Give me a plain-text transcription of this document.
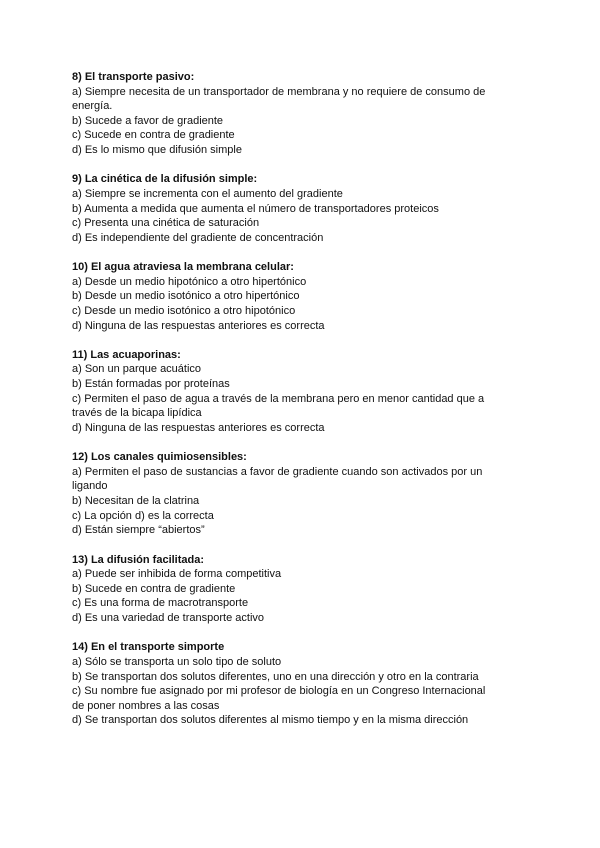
8) El transporte pasivo:
a) Siempre necesita de un transportador de membrana y no requiere de consumo de energía.
b) Sucede a favor de gradiente
c) Sucede en contra de gradiente
d) Es lo mismo que difusión simple
9) La cinética de la difusión simple:
a) Siempre se incrementa con el aumento del gradiente
b) Aumenta a medida que aumenta el número de transportadores proteicos
c) Presenta una cinética de saturación
d) Es independiente del gradiente de concentración
10) El agua atraviesa la membrana celular:
a) Desde un medio hipotónico a otro hipertónico
b) Desde un medio isotónico a otro hipertónico
c) Desde un medio isotónico a otro hipotónico
d) Ninguna de las respuestas anteriores es correcta
11) Las acuaporinas:
a) Son un parque acuático
b) Están formadas por proteínas
c) Permiten el paso de agua a través de la membrana pero en menor cantidad que a través de la bicapa lipídica
d) Ninguna de las respuestas anteriores es correcta
12) Los canales quimiosensibles:
a) Permiten el paso de sustancias a favor de gradiente cuando son activados por un ligando
b) Necesitan de la clatrina
c) La opción d) es la correcta
d) Están siempre “abiertos”
13) La difusión facilitada:
a) Puede ser inhibida de forma competitiva
b) Sucede en contra de gradiente
c) Es una forma de macrotransporte
d) Es una variedad de transporte activo
14) En el transporte simporte
a) Sólo se transporta un solo tipo de soluto
b) Se transportan dos solutos diferentes, uno en una dirección y otro en la contraria
c) Su nombre fue asignado por mi profesor de biología en un Congreso Internacional de poner nombres a las cosas
d) Se transportan dos solutos diferentes al mismo tiempo y en la misma dirección
